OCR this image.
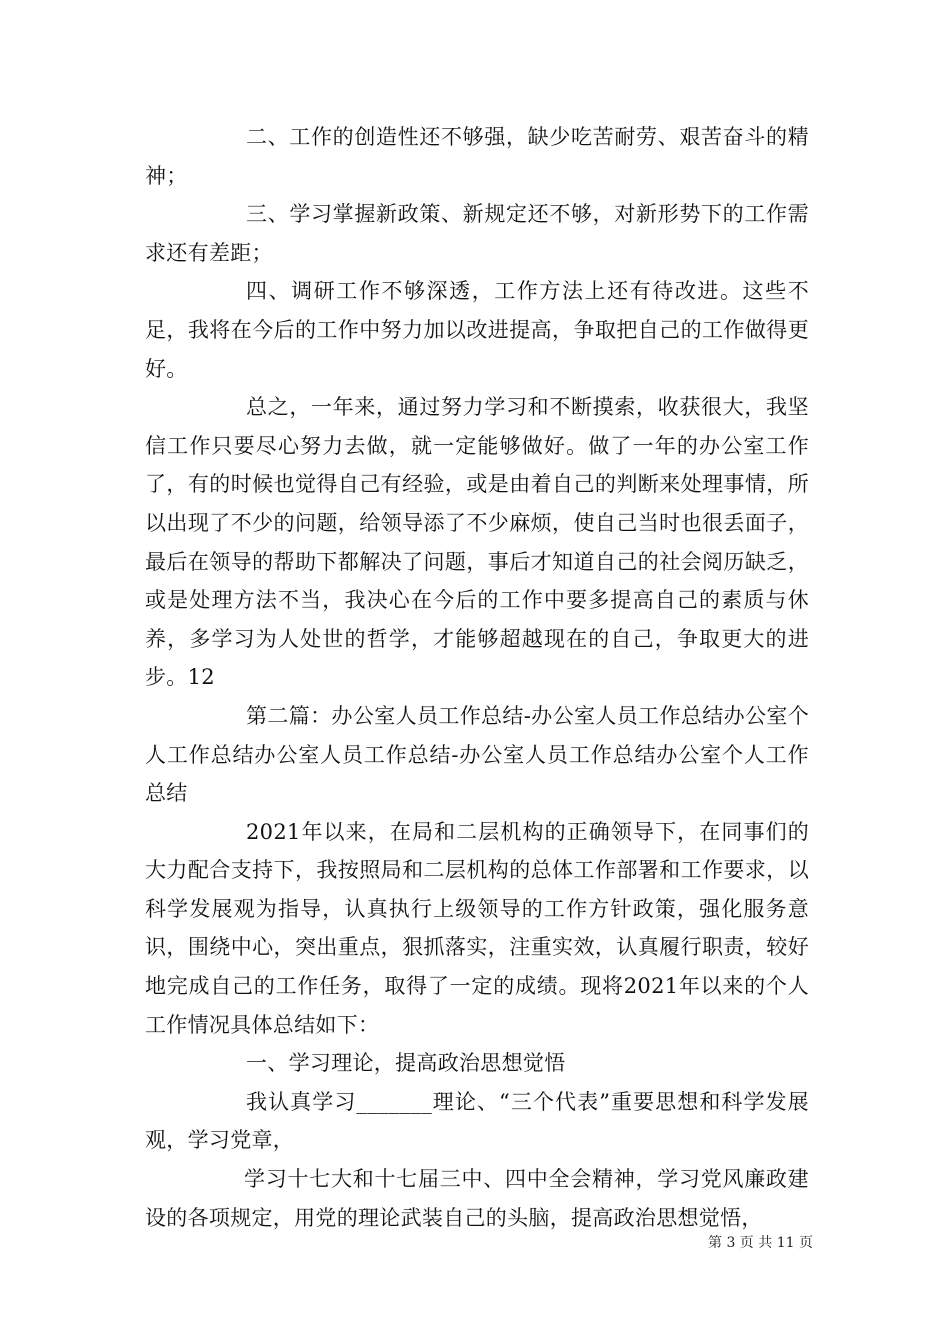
二、工作的创造性还不够强，缺少吃苦耐劳、艰苦奋斗的精神；

三、学习掌握新政策、新规定还不够，对新形势下的工作需求还有差距；

四、调研工作不够深透，工作方法上还有待改进。这些不足，我将在今后的工作中努力加以改进提高，争取把自己的工作做得更好。

总之，一年来，通过努力学习和不断摸索，收获很大，我坚信工作只要尽心努力去做，就一定能够做好。做了一年的办公室工作了，有的时候也觉得自己有经验，或是由着自己的判断来处理事情，所以出现了不少的问题，给领导添了不少麻烦，使自己当时也很丢面子，最后在领导的帮助下都解决了问题，事后才知道自己的社会阅历缺乏，或是处理方法不当，我决心在今后的工作中要多提高自己的素质与休养，多学习为人处世的哲学，才能够超越现在的自己，争取更大的进步。12

第二篇：办公室人员工作总结-办公室人员工作总结办公室个人工作总结办公室人员工作总结-办公室人员工作总结办公室个人工作总结

2021年以来，在局和二层机构的正确领导下，在同事们的大力配合支持下，我按照局和二层机构的总体工作部署和工作要求，以科学发展观为指导，认真执行上级领导的工作方针政策，强化服务意识，围绕中心，突出重点，狠抓落实，注重实效，认真履行职责，较好地完成自己的工作任务，取得了一定的成绩。现将2021年以来的个人工作情况具体总结如下：

一、学习理论，提高政治思想觉悟

我认真学习_______理论、“三个代表”重要思想和科学发展观，学习党章，

学习十七大和十七届三中、四中全会精神，学习党风廉政建设的各项规定，用党的理论武装自己的头脑，提高政治思想觉悟，

第 3 页 共 11 页
